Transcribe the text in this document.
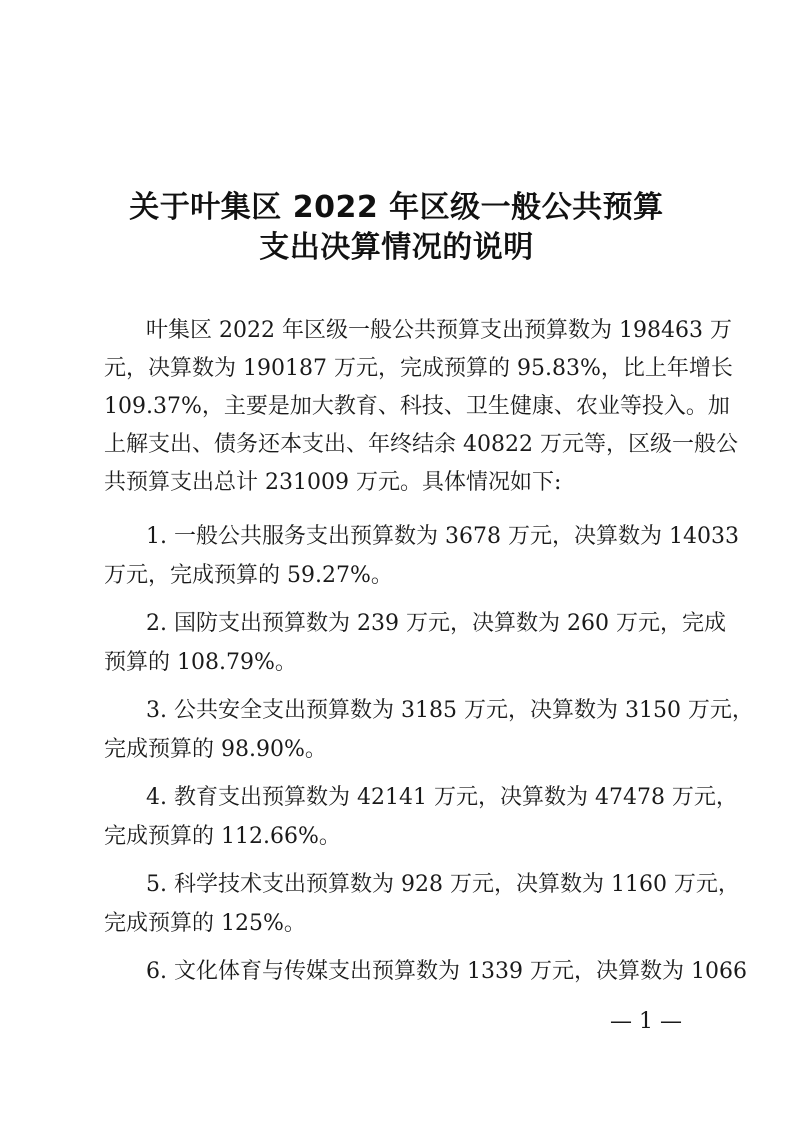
关于叶集区 2022 年区级一般公共预算
支出决算情况的说明
叶集区 2022 年区级一般公共预算支出预算数为 198463 万
元，决算数为 190187 万元，完成预算的 95.83%，比上年增长
109.37%，主要是加大教育、科技、卫生健康、农业等投入。加
上解支出、债务还本支出、年终结余 40822 万元等，区级一般公
共预算支出总计 231009 万元。具体情况如下:
1. 一般公共服务支出预算数为 3678 万元，决算数为 14033
万元，完成预算的 59.27%。
2. 国防支出预算数为 239 万元，决算数为 260 万元，完成
预算的 108.79%。
3. 公共安全支出预算数为 3185 万元，决算数为 3150 万元，
完成预算的 98.90%。
4. 教育支出预算数为 42141 万元，决算数为 47478 万元，
完成预算的 112.66%。
5. 科学技术支出预算数为 928 万元，决算数为 1160 万元，
完成预算的 125%。
6. 文化体育与传媒支出预算数为 1339 万元，决算数为 1066
— 1 —
